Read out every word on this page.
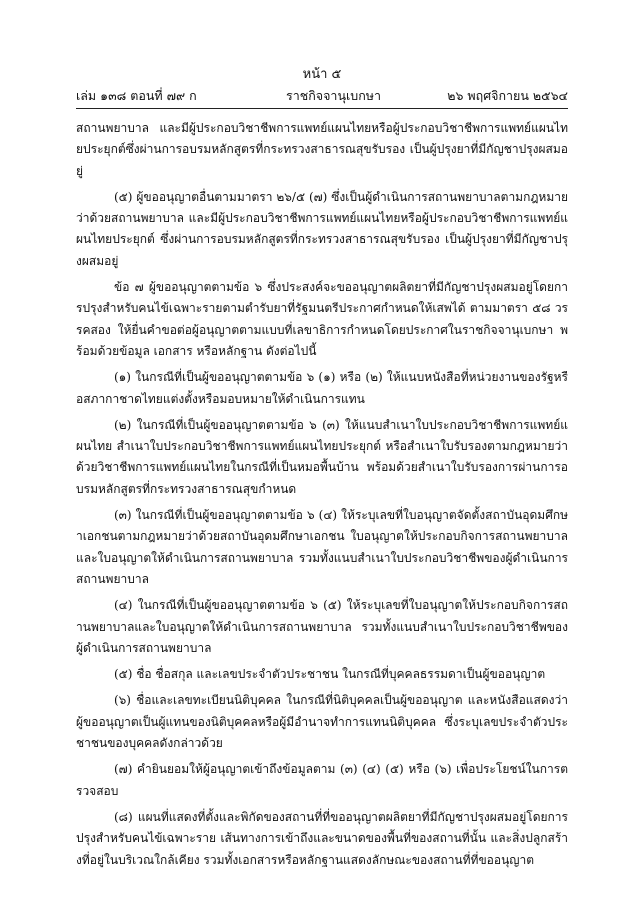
หน้า ๕
เล่ม ๑๓๘ ตอนที่ ๗๙ ก	ราชกิจจานุเบกษา	๒๖ พฤศจิกายน ๒๕๖๔

สถานพยาบาล และมีผู้ประกอบวิชาชีพการแพทย์แผนไทยหรือผู้ประกอบวิชาชีพการแพทย์แผนไทยประยุกต์ซึ่งผ่านการอบรมหลักสูตรที่กระทรวงสาธารณสุขรับรอง เป็นผู้ปรุงยาที่มีกัญชาปรุงผสมอยู่

(๕) ผู้ขออนุญาตอื่นตามมาตรา ๒๖/๕ (๗) ซึ่งเป็นผู้ดำเนินการสถานพยาบาลตามกฎหมายว่าด้วยสถานพยาบาล และมีผู้ประกอบวิชาชีพการแพทย์แผนไทยหรือผู้ประกอบวิชาชีพการแพทย์แผนไทยประยุกต์ ซึ่งผ่านการอบรมหลักสูตรที่กระทรวงสาธารณสุขรับรอง เป็นผู้ปรุงยาที่มีกัญชาปรุงผสมอยู่

ข้อ ๗ ผู้ขออนุญาตตามข้อ ๖ ซึ่งประสงค์จะขออนุญาตผลิตยาที่มีกัญชาปรุงผสมอยู่โดยการปรุงสำหรับคนไข้เฉพาะรายตามตำรับยาที่รัฐมนตรีประกาศกำหนดให้เสพได้ ตามมาตรา ๕๘ วรรคสอง ให้ยื่นคำขอต่อผู้อนุญาตตามแบบที่เลขาธิการกำหนดโดยประกาศในราชกิจจานุเบกษา พร้อมด้วยข้อมูล เอกสาร หรือหลักฐาน ดังต่อไปนี้

(๑) ในกรณีที่เป็นผู้ขออนุญาตตามข้อ ๖ (๑) หรือ (๒) ให้แนบหนังสือที่หน่วยงานของรัฐหรือสภากาชาดไทยแต่งตั้งหรือมอบหมายให้ดำเนินการแทน

(๒) ในกรณีที่เป็นผู้ขออนุญาตตามข้อ ๖ (๓) ให้แนบสำเนาใบประกอบวิชาชีพการแพทย์แผนไทย สำเนาใบประกอบวิชาชีพการแพทย์แผนไทยประยุกต์ หรือสำเนาใบรับรองตามกฎหมายว่าด้วยวิชาชีพการแพทย์แผนไทยในกรณีที่เป็นหมอพื้นบ้าน พร้อมด้วยสำเนาใบรับรองการผ่านการอบรมหลักสูตรที่กระทรวงสาธารณสุขกำหนด

(๓) ในกรณีที่เป็นผู้ขออนุญาตตามข้อ ๖ (๔) ให้ระบุเลขที่ใบอนุญาตจัดตั้งสถาบันอุดมศึกษาเอกชนตามกฎหมายว่าด้วยสถาบันอุดมศึกษาเอกชน ใบอนุญาตให้ประกอบกิจการสถานพยาบาลและใบอนุญาตให้ดำเนินการสถานพยาบาล รวมทั้งแนบสำเนาใบประกอบวิชาชีพของผู้ดำเนินการสถานพยาบาล

(๔) ในกรณีที่เป็นผู้ขออนุญาตตามข้อ ๖ (๕) ให้ระบุเลขที่ใบอนุญาตให้ประกอบกิจการสถานพยาบาลและใบอนุญาตให้ดำเนินการสถานพยาบาล รวมทั้งแนบสำเนาใบประกอบวิชาชีพของผู้ดำเนินการสถานพยาบาล

(๕) ชื่อ ชื่อสกุล และเลขประจำตัวประชาชน ในกรณีที่บุคคลธรรมดาเป็นผู้ขออนุญาต

(๖) ชื่อและเลขทะเบียนนิติบุคคล ในกรณีที่นิติบุคคลเป็นผู้ขออนุญาต และหนังสือแสดงว่าผู้ขออนุญาตเป็นผู้แทนของนิติบุคคลหรือผู้มีอำนาจทำการแทนนิติบุคคล ซึ่งระบุเลขประจำตัวประชาชนของบุคคลดังกล่าวด้วย

(๗) คำยินยอมให้ผู้อนุญาตเข้าถึงข้อมูลตาม (๓) (๔) (๕) หรือ (๖) เพื่อประโยชน์ในการตรวจสอบ

(๘) แผนที่แสดงที่ตั้งและพิกัดของสถานที่ที่ขออนุญาตผลิตยาที่มีกัญชาปรุงผสมอยู่โดยการปรุงสำหรับคนไข้เฉพาะราย เส้นทางการเข้าถึงและขนาดของพื้นที่ของสถานที่นั้น และสิ่งปลูกสร้างที่อยู่ในบริเวณใกล้เคียง รวมทั้งเอกสารหรือหลักฐานแสดงลักษณะของสถานที่ที่ขออนุญาต
